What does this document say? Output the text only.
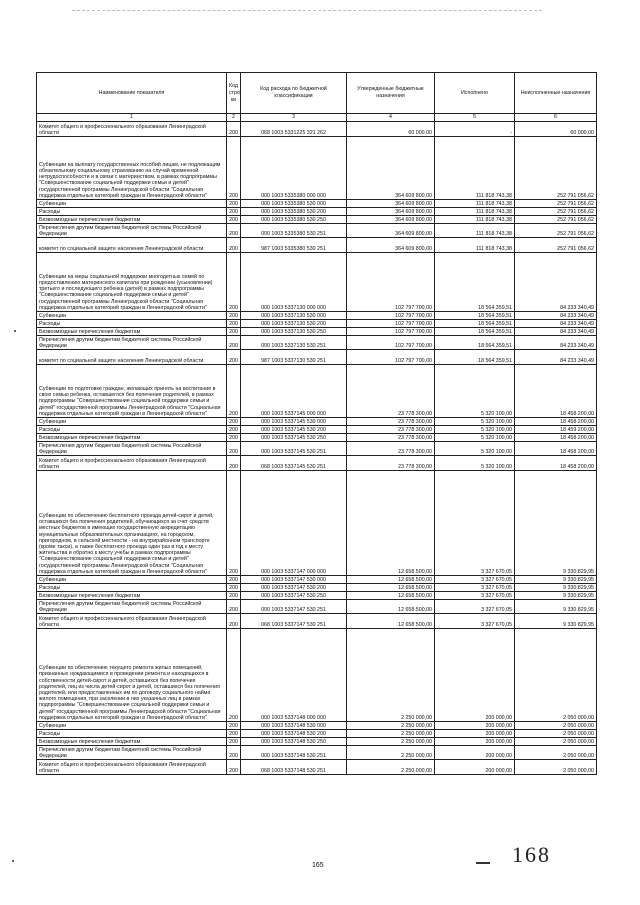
Наименование показателя	Код стро ки	Код расхода по бюджетной классификации	Утвержденные бюджетные назначения	Исполнено	Неисполненные назначения
1	2	3	4	5	6
Комитет общего и профессионального образования Ленинградской области	200	068 1003 5331225 321 262	60 000,00	-	60 000,00
Субвенции на выплату государственных пособий лицам, не подлежащим обязательному социальному страхованию на случай временной нетрудоспособности и в связи с материнством, в рамках подпрограммы "Совершенствование социальной поддержки семьи и детей" государственной программы Ленинградской области "Социальная поддержка отдельных категорий граждан в Ленинградской области"	200	000 1003 5335380 000 000	364 609 800,00	111 818 743,38	252 791 056,62
Субвенции	200	000 1003 5335380 530 000	364 609 800,00	111 818 743,38	252 791 056,62
Расходы	200	000 1003 5335380 530 200	364 609 800,00	111 818 743,38	252 791 056,62
Безвозмездные перечисления бюджетам	200	000 1003 5335380 530 250	364 609 800,00	111 818 743,38	252 791 056,62
Перечисления другим бюджетам бюджетной системы Российской Федерации	200	000 1003 5335380 530 251	364 609 800,00	111 818 743,38	252 791 056,62
комитет по социальной защите населения Ленинградской области	200	987 1003 5335380 530 251	364 609 800,00	111 818 743,38	252 791 056,62
Субвенции на меры социальной поддержки многодетных семей по предоставлению материнского капитала при рождении (усыновлении) третьего и последующего ребенка (детей) в рамках подпрограммы "Совершенствование социальной поддержки семьи и детей" государственной программы Ленинградской области "Социальная поддержка отдельных категорий граждан в Ленинградской области"	200	000 1003 5337130 000 000	102 797 700,00	18 564 359,51	84 233 340,49
Субвенции	200	000 1003 5337130 530 000	102 797 700,00	18 564 359,51	84 233 340,49
Расходы	200	000 1003 5337130 530 200	102 797 700,00	18 564 359,51	84 233 340,49
Безвозмездные перечисления бюджетам	200	000 1003 5337130 530 250	102 797 700,00	18 564 359,51	84 233 340,49
Перечисления другим бюджетам бюджетной системы Российской Федерации	200	000 1003 5337130 530 251	102 797 700,00	18 564 359,51	84 233 340,49
комитет по социальной защите населения Ленинградской области	200	987 1003 5337130 530 251	102 797 700,00	18 564 359,51	84 233 340,49
Субвенции по подготовке граждан, желающих принять на воспитание в свою семью ребенка, оставшегося без попечения родителей, в рамках подпрограммы "Совершенствование социальной поддержки семьи и детей" государственной программы Ленинградской области "Социальная поддержка отдельных категорий граждан в Ленинградской области"	200	000 1003 5337145 000 000	23 778 300,00	5 320 100,00	18 458 200,00
Субвенции	200	000 1003 5337145 530 000	23 778 300,00	5 320 100,00	18 458 200,00
Расходы	200	000 1003 5337145 530 200	23 778 300,00	5 320 100,00	18 459 200,00
Безвозмездные перечисления бюджетам	200	000 1003 5337145 530 250	23 778 300,00	5 320 100,00	18 458 200,00
Перечисления другим бюджетам бюджетной системы Российской Федерации	200	000 1003 5337145 530 251	23 778 300,00	5 320 100,00	18 458 200,00
Комитет общего и профессионального образования Ленинградской области	200	068 1003 5337145 530 251	23 778 300,00	5 320 100,00	18 458 200,00
Субвенции по обеспечению бесплатного проезда детей-сирот и детей, оставшихся без попечения родителей, обучающихся за счет средств местных бюджетов в имеющих государственную аккредитацию муниципальных образовательных организациях, на городском, пригородном, в сельской местности - на внутрирайонном транспорте (кроме такси), а также бесплатного проезда один раз в год к месту жительства и обратно к месту учебы в рамках подпрограммы "Совершенствование социальной поддержки семьи и детей" государственной программы Ленинградской области "Социальная поддержка отдельных категорий граждан в Ленинградской области"	200	000 1003 5337147 000 000	12 658 500,00	3 327 670,05	9 330 829,95
Субвенции	200	000 1003 5337147 530 000	12 658 500,00	3 327 670,05	9 330 829,95
Расходы	200	000 1003 5337147 530 200	12 658 500,00	3 327 670,05	9 330 829,95
Безвозмездные перечисления бюджетам	200	000 1003 5337147 530 250	12 658 500,00	3 327 670,05	9 330 829,95
Перечисления другим бюджетам бюджетной системы Российской Федерации	200	000 1003 5337147 530 251	12 658 500,00	3 327 670,05	9 330 829,95
Комитет общего и профессионального образования Ленинградской области	200	068 1003 5337147 530 251	12 658 500,00	3 327 670,05	9 330 829,95
Субвенции по обеспечению текущего ремонта жилых помещений, признанных нуждающимися в проведении ремонта и находящихся в собственности детей-сирот и детей, оставшихся без попечения родителей, лиц из числа детей-сирот и детей, оставшихся без попечения родителей, или предоставленных им по договору социального найма жилого помещения, при заселении в них указанных лиц в рамках подпрограммы "Совершенствование социальной поддержки семьи и детей" государственной программы Ленинградской области "Социальная поддержка отдельных категорий граждан в Ленинградской области"	200	000 1003 5337148 000 000	2 250 000,00	200 000,00	2 050 000,00
Субвенции	200	000 1003 5337148 530 000	2 250 000,00	200 000,00	2 050 000,00
Расходы	200	000 1003 5337148 530 200	2 250 000,00	200 000,00	2 050 000,00
Безвозмездные перечисления бюджетам	200	000 1003 5337148 530 250	2 250 000,00	200 000,00	2 050 000,00
Перечисления другим бюджетам бюджетной системы Российской Федерации	200	000 1003 5337148 530 251	2 250 000,00	200 000,00	2 050 000,00
Комитет общего и профессионального образования Ленинградской области	200	068 1003 5337148 530 251	2 250 000,00	200 000,00	2 050 000,00
165	168
